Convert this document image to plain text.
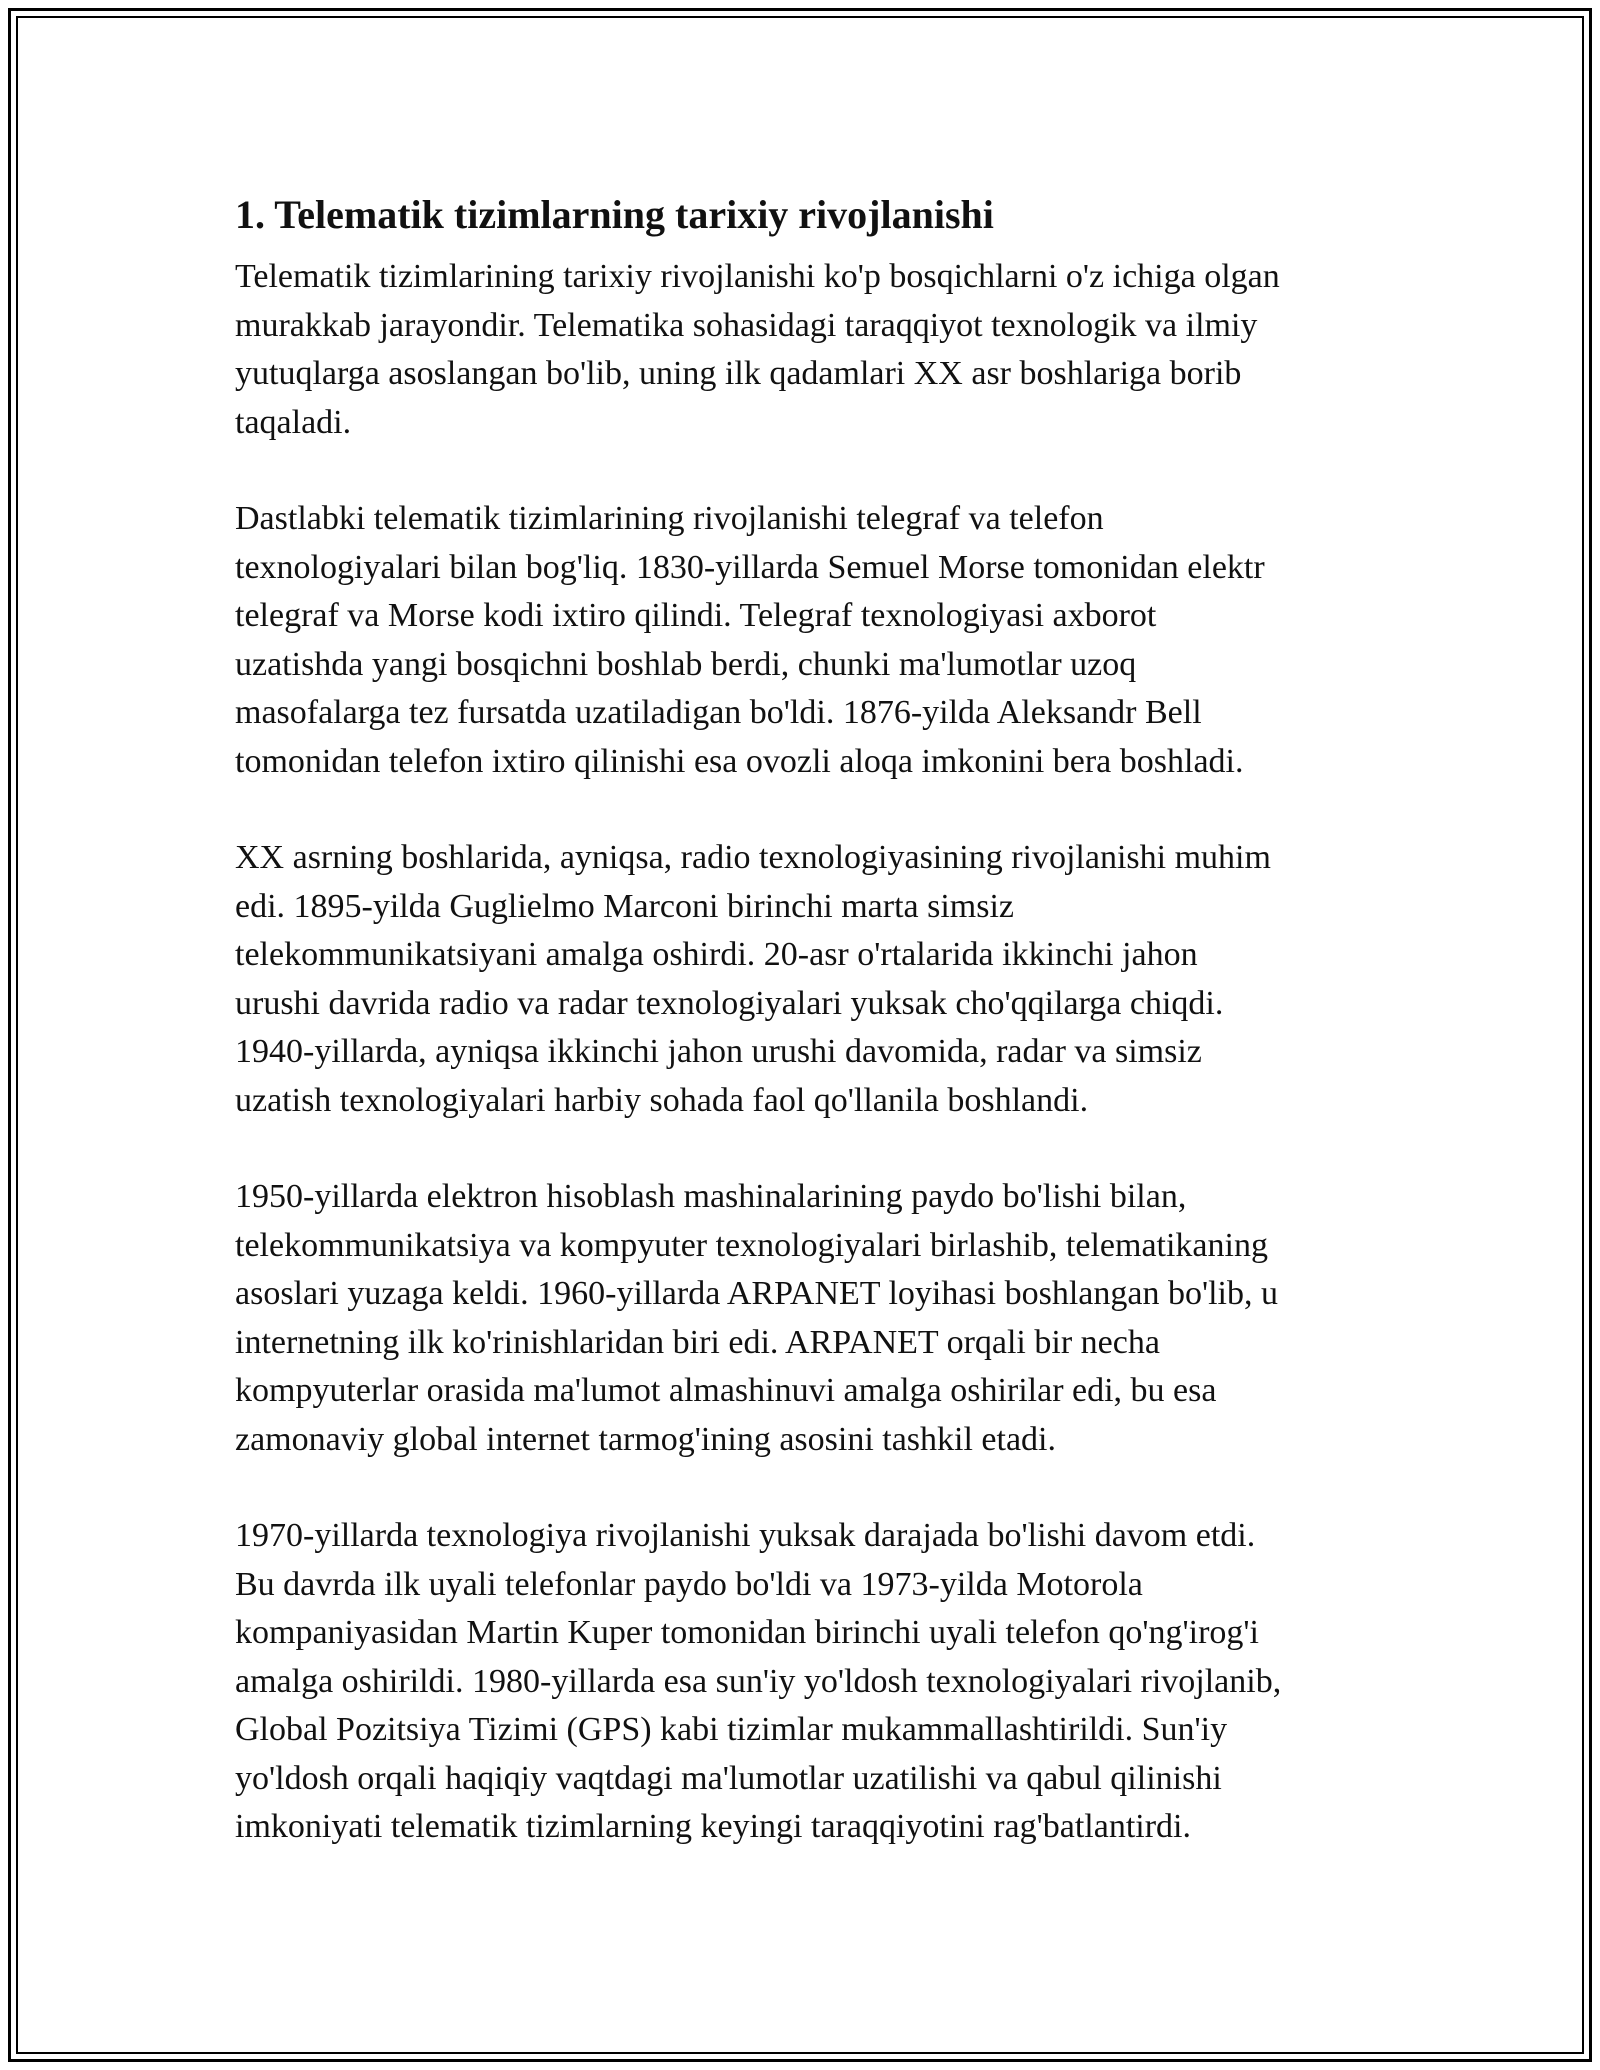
1. Telematik tizimlarning tarixiy rivojlanishi
Telematik tizimlarining tarixiy rivojlanishi ko'p bosqichlarni o'z ichiga olgan
murakkab jarayondir. Telematika sohasidagi taraqqiyot texnologik va ilmiy
yutuqlarga asoslangan bo'lib, uning ilk qadamlari XX asr boshlariga borib
taqaladi.
Dastlabki telematik tizimlarining rivojlanishi telegraf va telefon
texnologiyalari bilan bog'liq. 1830-yillarda Semuel Morse tomonidan elektr
telegraf va Morse kodi ixtiro qilindi. Telegraf texnologiyasi axborot
uzatishda yangi bosqichni boshlab berdi, chunki ma'lumotlar uzoq
masofalarga tez fursatda uzatiladigan bo'ldi. 1876-yilda Aleksandr Bell
tomonidan telefon ixtiro qilinishi esa ovozli aloqa imkonini bera boshladi.
XX asrning boshlarida, ayniqsa, radio texnologiyasining rivojlanishi muhim
edi. 1895-yilda Guglielmo Marconi birinchi marta simsiz
telekommunikatsiyani amalga oshirdi. 20-asr o'rtalarida ikkinchi jahon
urushi davrida radio va radar texnologiyalari yuksak cho'qqilarga chiqdi.
1940-yillarda, ayniqsa ikkinchi jahon urushi davomida, radar va simsiz
uzatish texnologiyalari harbiy sohada faol qo'llanila boshlandi.
1950-yillarda elektron hisoblash mashinalarining paydo bo'lishi bilan,
telekommunikatsiya va kompyuter texnologiyalari birlashib, telematikaning
asoslari yuzaga keldi. 1960-yillarda ARPANET loyihasi boshlangan bo'lib, u
internetning ilk ko'rinishlaridan biri edi. ARPANET orqali bir necha
kompyuterlar orasida ma'lumot almashinuvi amalga oshirilar edi, bu esa
zamonaviy global internet tarmog'ining asosini tashkil etadi.
1970-yillarda texnologiya rivojlanishi yuksak darajada bo'lishi davom etdi.
Bu davrda ilk uyali telefonlar paydo bo'ldi va 1973-yilda Motorola
kompaniyasidan Martin Kuper tomonidan birinchi uyali telefon qo'ng'irog'i
amalga oshirildi. 1980-yillarda esa sun'iy yo'ldosh texnologiyalari rivojlanib,
Global Pozitsiya Tizimi (GPS) kabi tizimlar mukammallashtirildi. Sun'iy
yo'ldosh orqali haqiqiy vaqtdagi ma'lumotlar uzatilishi va qabul qilinishi
imkoniyati telematik tizimlarning keyingi taraqqiyotini rag'batlantirdi.
